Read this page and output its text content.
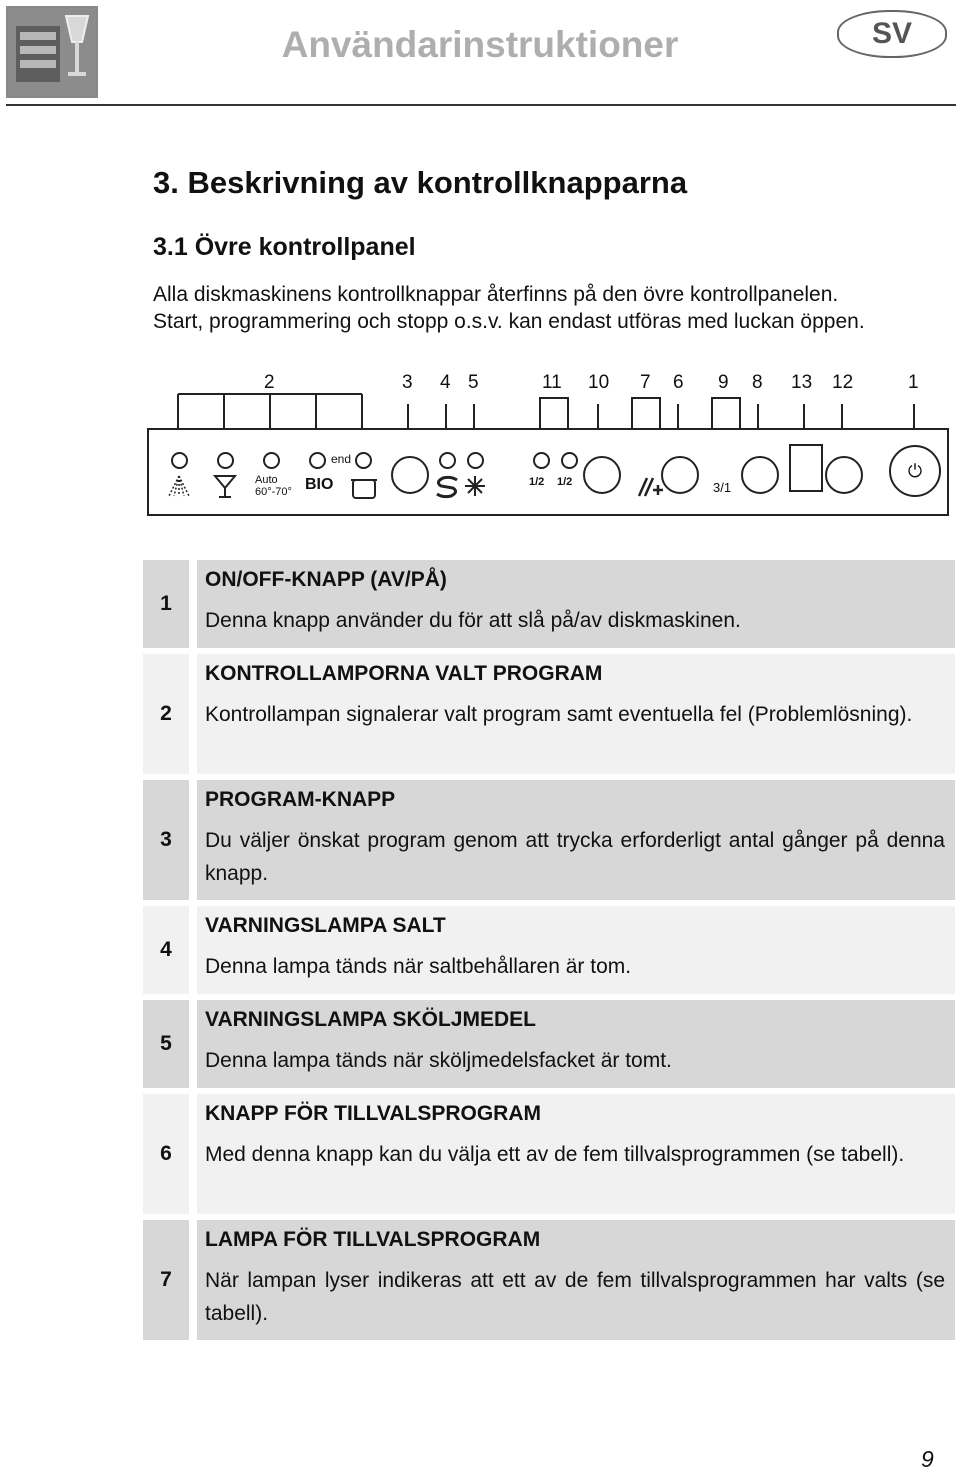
Användarinstruktioner	SV
3. Beskrivning av kontrollknapparna
3.1 Övre kontrollpanel

Alla diskmaskinens kontrollknappar återfinns på den övre kontrollpanelen.

Start, programmering och stopp o.s.v. kan endast utföras med luckan öppen.

2	3 4 5	11 10 7 6 9 8 13 12	1
end
Auto 60°-70° BIO	1/2 1/2	3/1
⏻
1

ON/OFF-KNAPP (AV/PÅ)

Denna knapp använder du för att slå på/av diskmaskinen.

2

KONTROLLAMPORNA VALT PROGRAM

Kontrollampan signalerar valt program samt eventuella fel (Problemlösning).

3

PROGRAM-KNAPP

Du väljer önskat program genom att trycka erforderligt antal gånger på denna knapp.

4

VARNINGSLAMPA SALT

Denna lampa tänds när saltbehållaren är tom.

5

VARNINGSLAMPA SKÖLJMEDEL

Denna lampa tänds när sköljmedelsfacket är tomt.

6

KNAPP FÖR TILLVALSPROGRAM

Med denna knapp kan du välja ett av de fem tillvalsprogrammen (se tabell).

7

LAMPA FÖR TILLVALSPROGRAM

När lampan lyser indikeras att ett av de fem tillvalsprogrammen har valts (se tabell).

9
